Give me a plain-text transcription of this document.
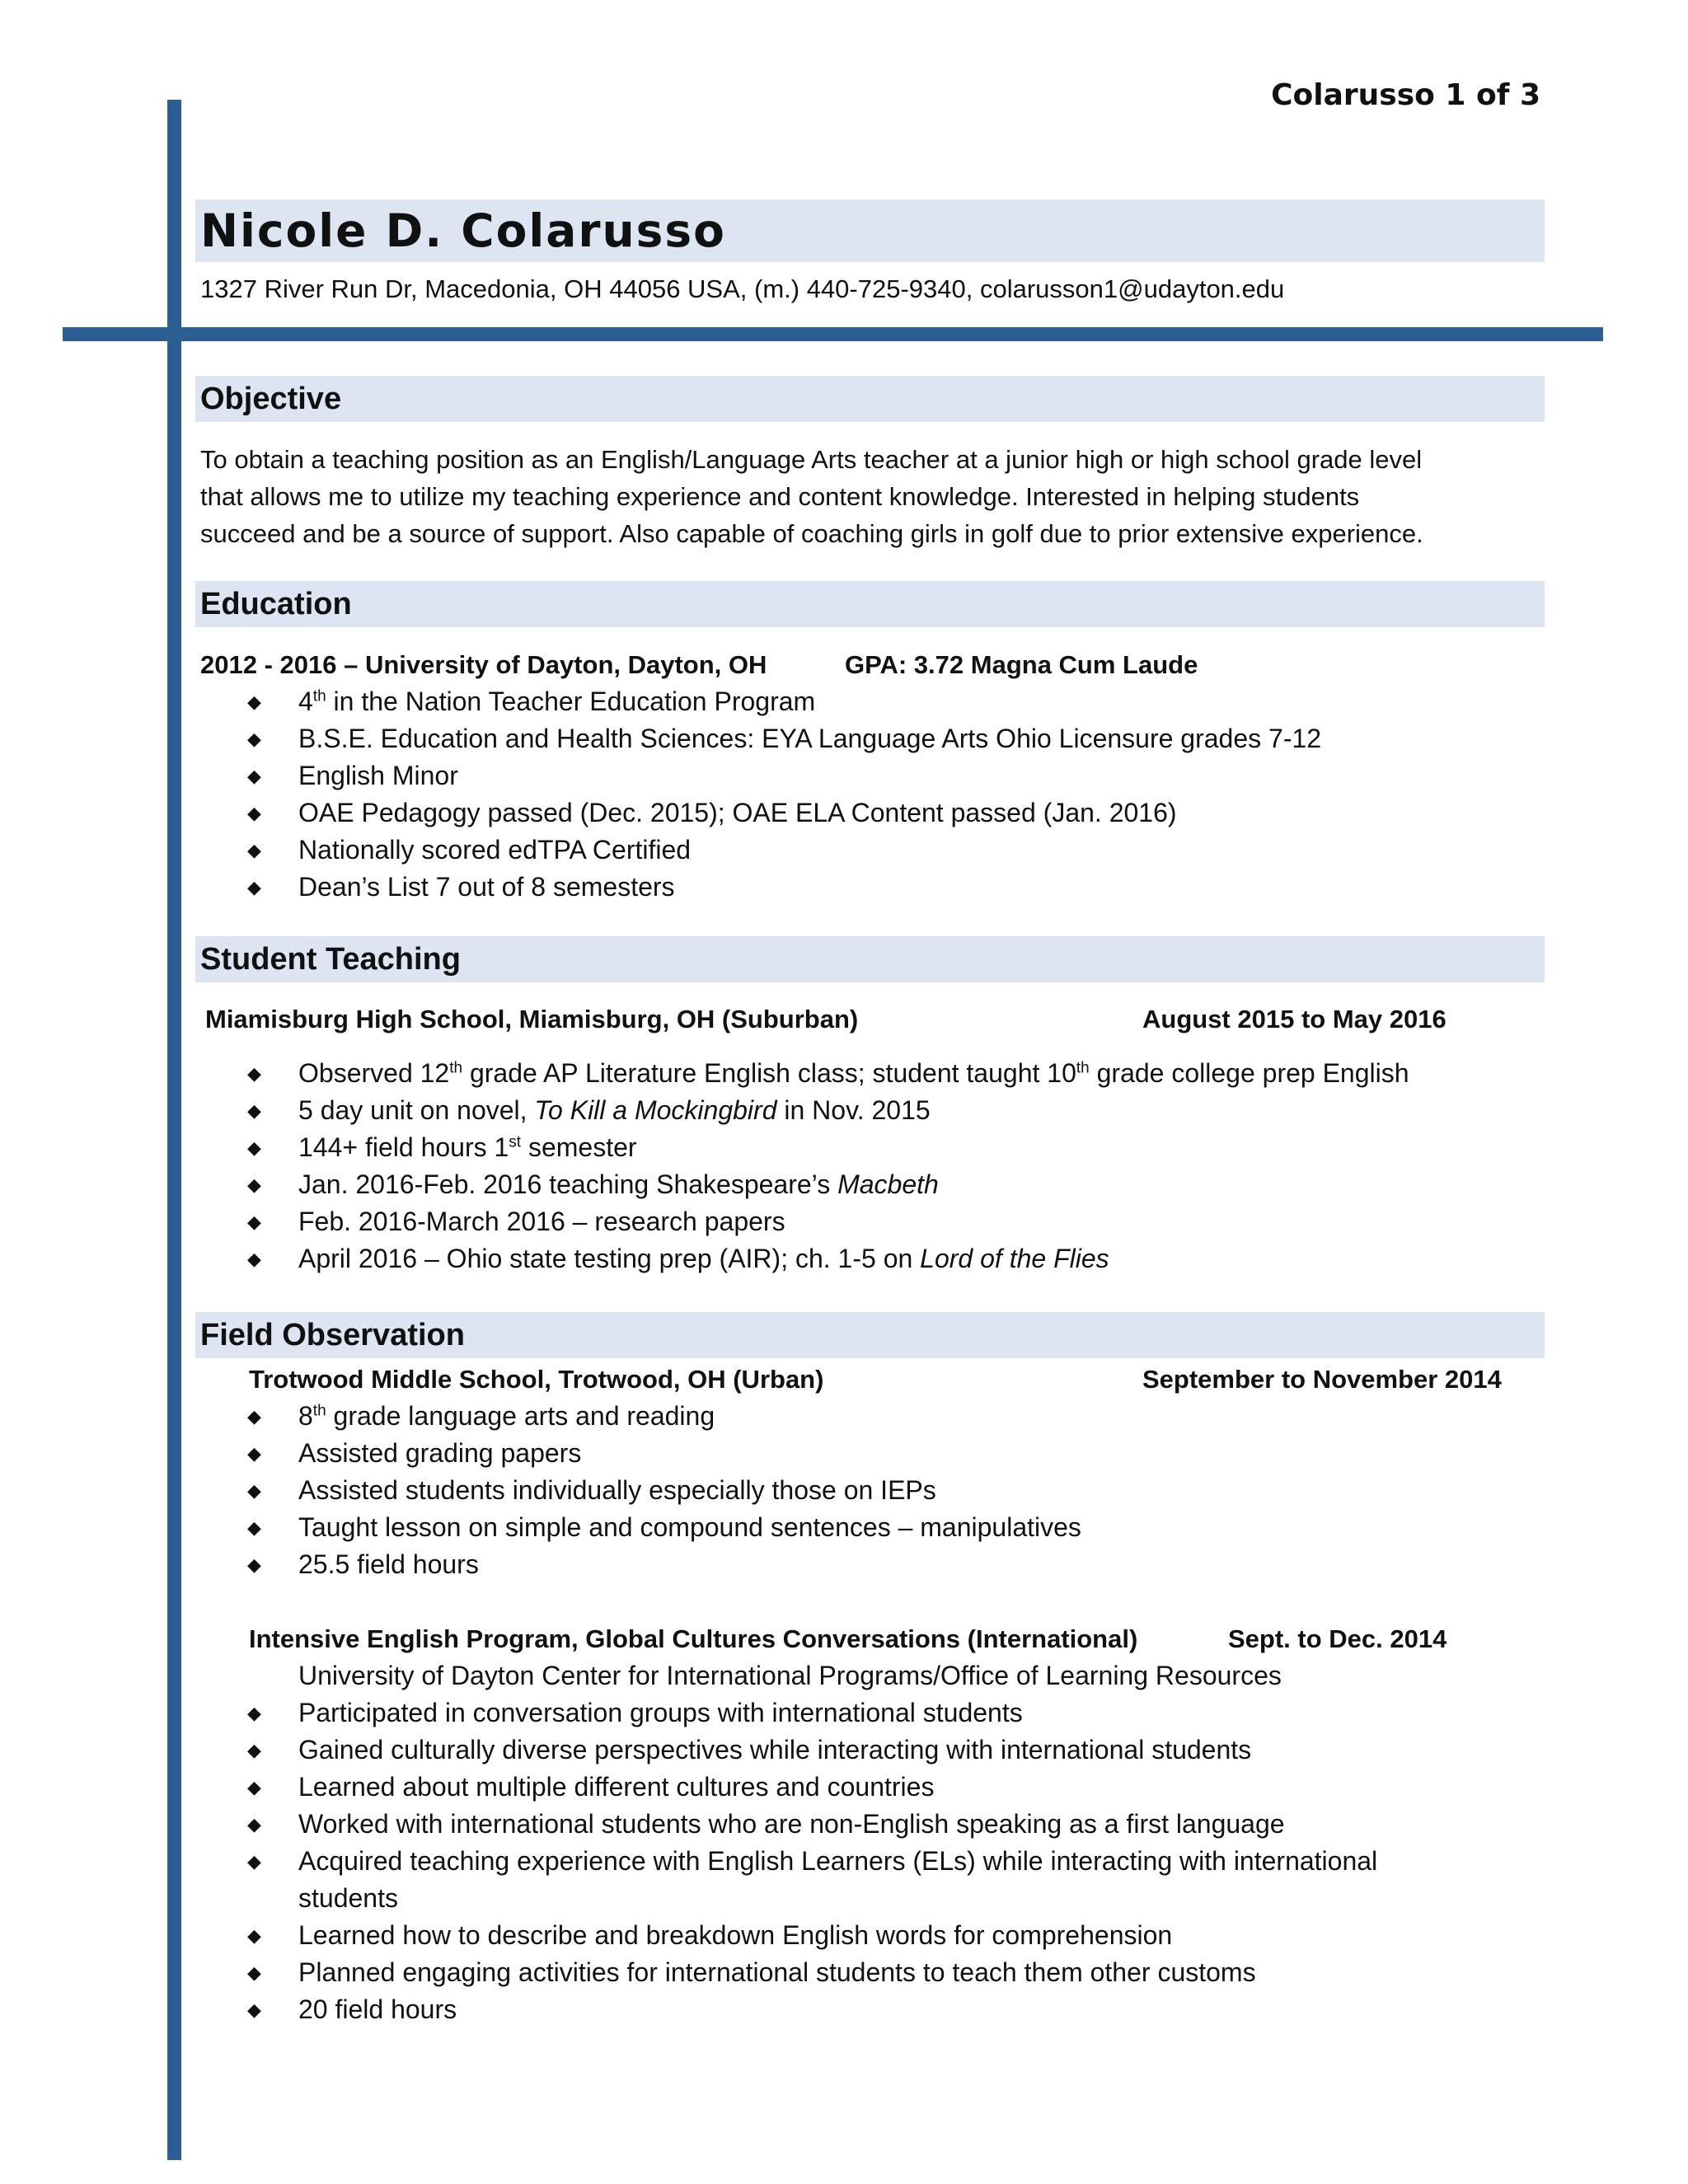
Colarusso 1 of 3
Nicole D. Colarusso
1327 River Run Dr, Macedonia, OH 44056 USA, (m.) 440-725-9340, colarusson1@udayton.edu
Objective
To obtain a teaching position as an English/Language Arts teacher at a junior high or high school grade level
that allows me to utilize my teaching experience and content knowledge. Interested in helping students
succeed and be a source of support. Also capable of coaching girls in golf due to prior extensive experience.
Education
2012 - 2016 – University of Dayton, Dayton, OH	GPA: 3.72 Magna Cum Laude
◆ 4th in the Nation Teacher Education Program
◆ B.S.E. Education and Health Sciences: EYA Language Arts Ohio Licensure grades 7-12
◆ English Minor
◆ OAE Pedagogy passed (Dec. 2015); OAE ELA Content passed (Jan. 2016)
◆ Nationally scored edTPA Certified
◆ Dean’s List 7 out of 8 semesters
Student Teaching
Miamisburg High School, Miamisburg, OH (Suburban)	August 2015 to May 2016
◆ Observed 12th grade AP Literature English class; student taught 10th grade college prep English
◆ 5 day unit on novel, To Kill a Mockingbird in Nov. 2015
◆ 144+ field hours 1st semester
◆ Jan. 2016-Feb. 2016 teaching Shakespeare’s Macbeth
◆ Feb. 2016-March 2016 – research papers
◆ April 2016 – Ohio state testing prep (AIR); ch. 1-5 on Lord of the Flies
Field Observation
Trotwood Middle School, Trotwood, OH (Urban)	September to November 2014
◆ 8th grade language arts and reading
◆ Assisted grading papers
◆ Assisted students individually especially those on IEPs
◆ Taught lesson on simple and compound sentences – manipulatives
◆ 25.5 field hours
Intensive English Program, Global Cultures Conversations (International)	Sept. to Dec. 2014
University of Dayton Center for International Programs/Office of Learning Resources
◆ Participated in conversation groups with international students
◆ Gained culturally diverse perspectives while interacting with international students
◆ Learned about multiple different cultures and countries
◆ Worked with international students who are non-English speaking as a first language
◆ Acquired teaching experience with English Learners (ELs) while interacting with international
students
◆ Learned how to describe and breakdown English words for comprehension
◆ Planned engaging activities for international students to teach them other customs
◆ 20 field hours
